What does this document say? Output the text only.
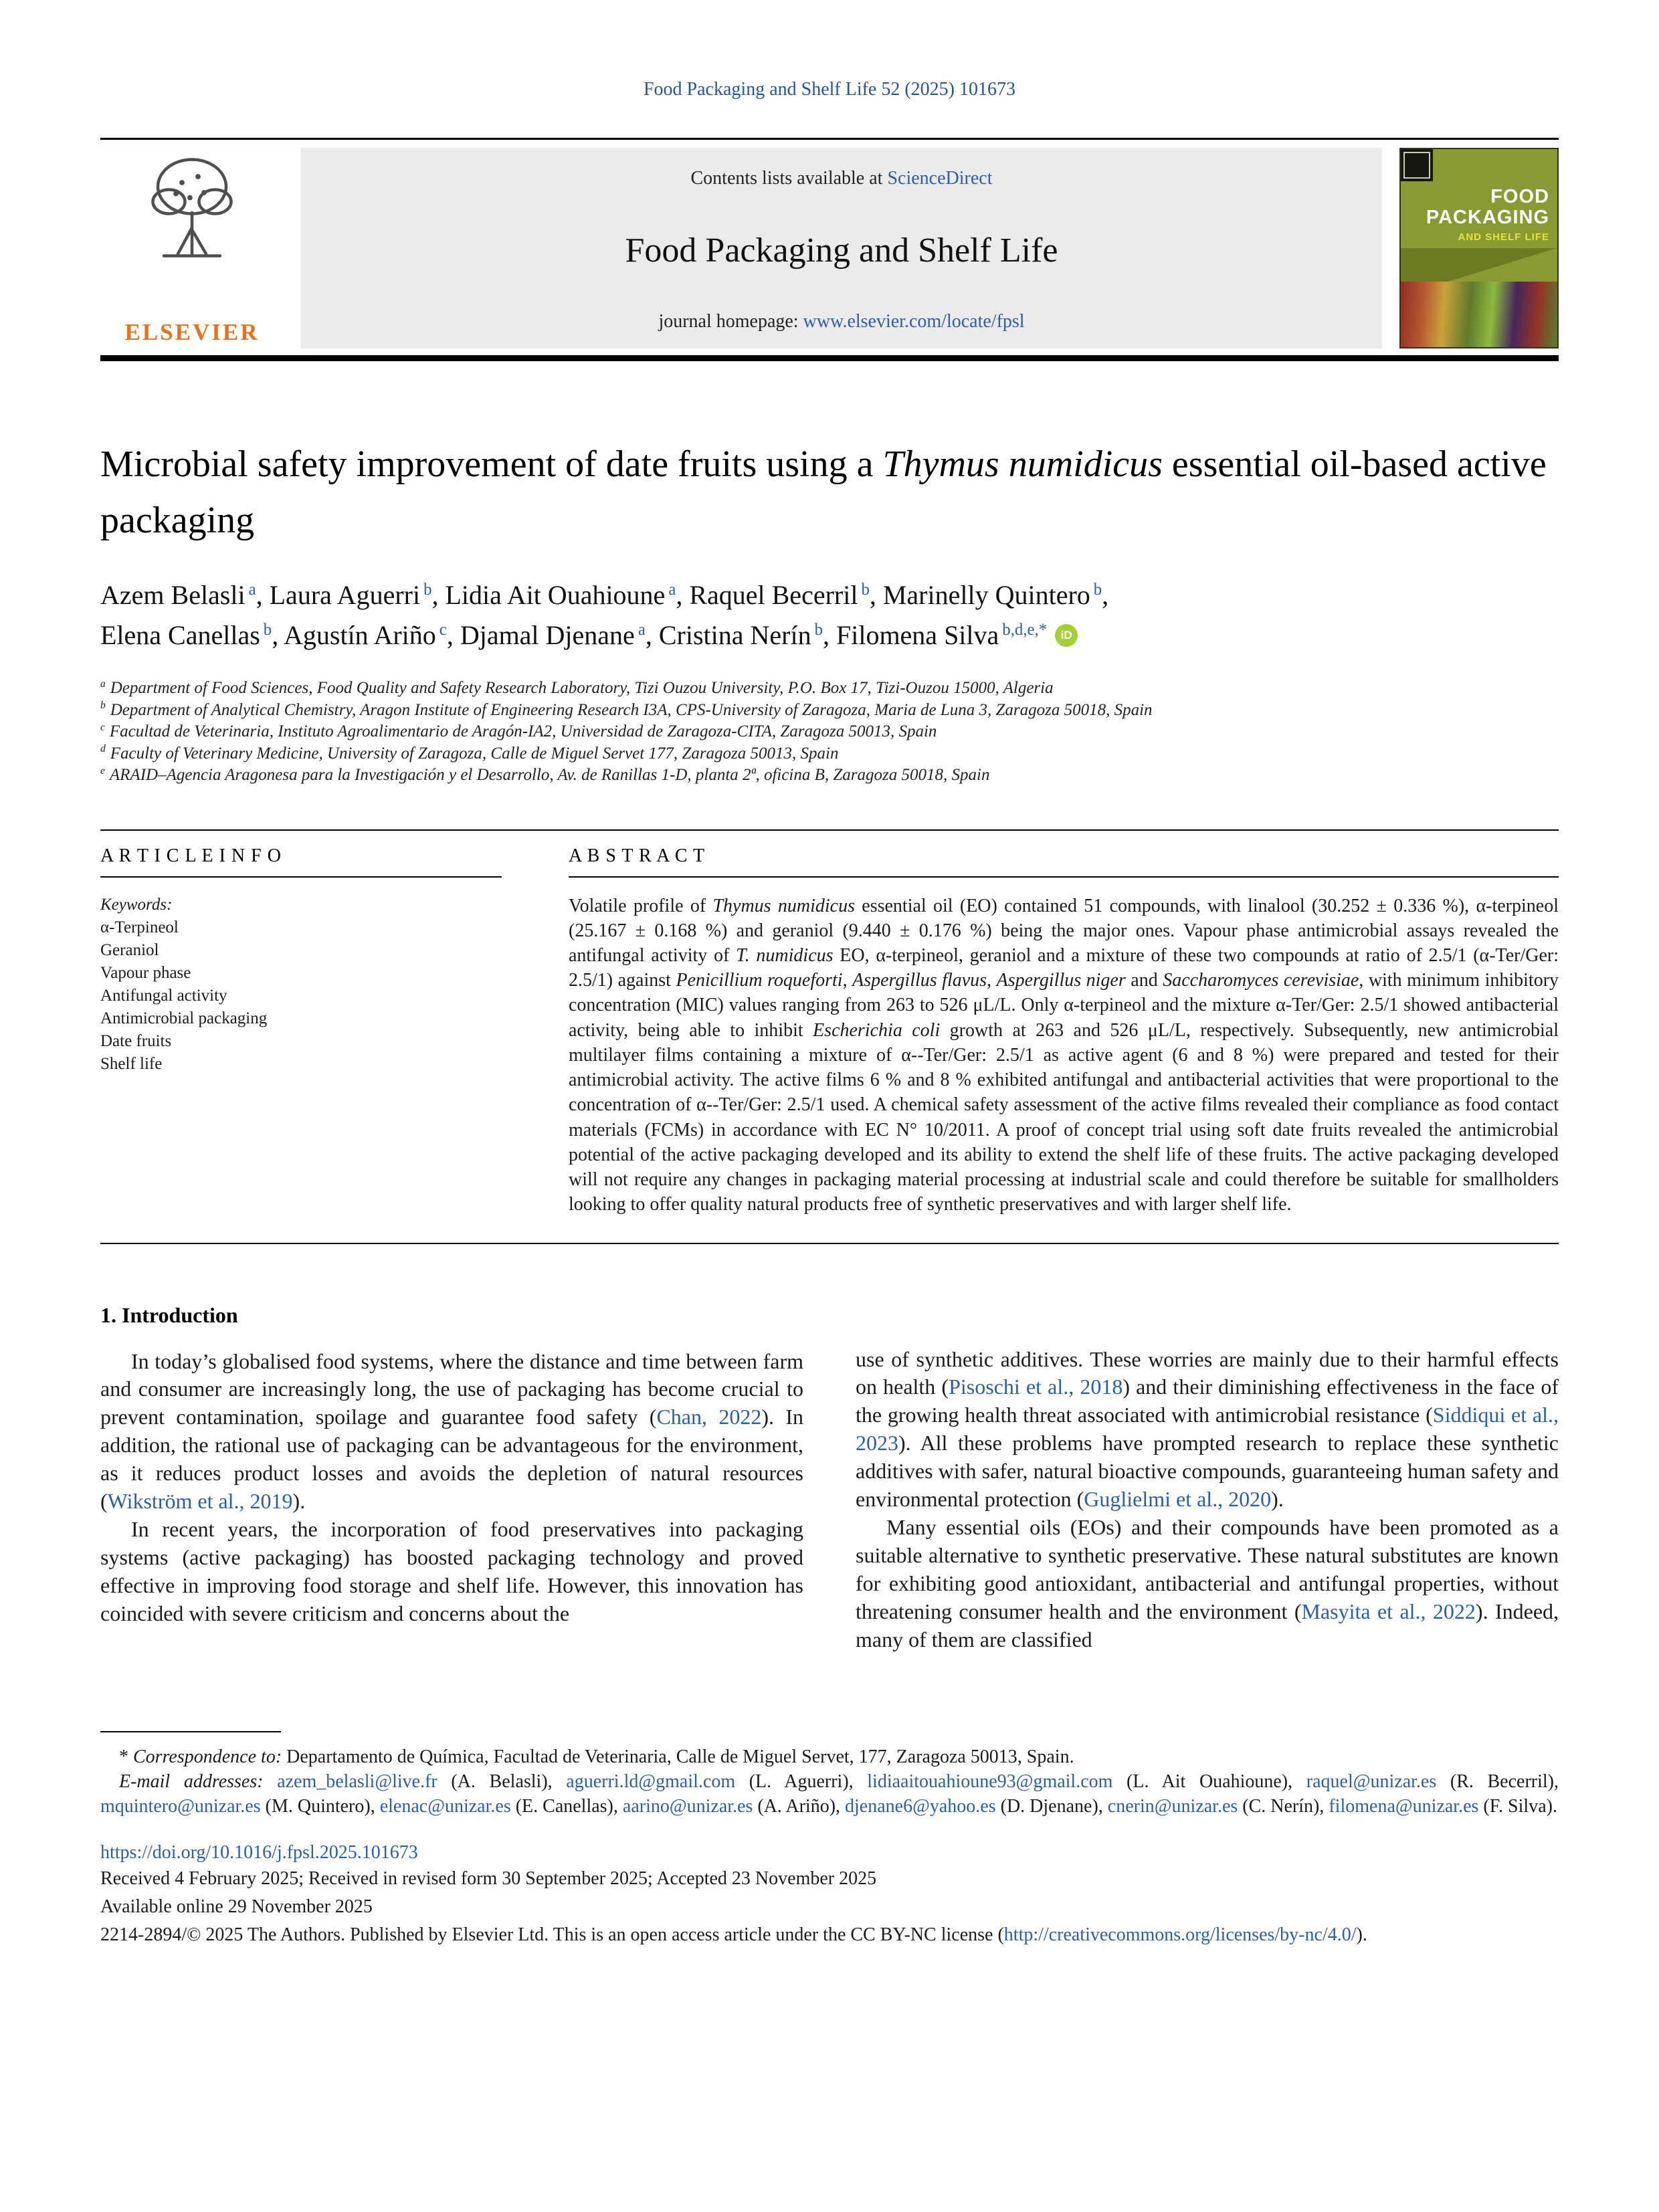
Food Packaging and Shelf Life 52 (2025) 101673
ELSEVIER
Contents lists available at ScienceDirect
Food Packaging and Shelf Life
journal homepage: www.elsevier.com/locate/fpsl
FOOD
PACKAGING
AND SHELF LIFE
Microbial safety improvement of date fruits using a Thymus numidicus essential oil-based active packaging
Azem Belasli $^a$, Laura Aguerri $^b$, Lidia Ait Ouahioune $^a$, Raquel Becerril $^b$, Marinelly Quintero $^b$,
Elena Canellas $^b$, Agustín Ariño $^c$, Djamal Djenane $^a$, Cristina Nerín $^b$, Filomena Silva $^{b,d,e,*}$ iD
$^a$ Department of Food Sciences, Food Quality and Safety Research Laboratory, Tizi Ouzou University, P.O. Box 17, Tizi-Ouzou 15000, Algeria
$^b$ Department of Analytical Chemistry, Aragon Institute of Engineering Research I3A, CPS-University of Zaragoza, Maria de Luna 3, Zaragoza 50018, Spain
$^c$ Facultad de Veterinaria, Instituto Agroalimentario de Aragón-IA2, Universidad de Zaragoza-CITA, Zaragoza 50013, Spain
$^d$ Faculty of Veterinary Medicine, University of Zaragoza, Calle de Miguel Servet 177, Zaragoza 50013, Spain
$^e$ ARAID–Agencia Aragonesa para la Investigación y el Desarrollo, Av. de Ranillas 1-D, planta 2ª, oficina B, Zaragoza 50018, Spain
A R T I C L E I N F O
Keywords:
α-Terpineol
Geraniol
Vapour phase
Antifungal activity
Antimicrobial packaging
Date fruits
Shelf life
A B S T R A C T
Volatile profile of Thymus numidicus essential oil (EO) contained 51 compounds, with linalool (30.252 ± 0.336 %), α-terpineol (25.167 ± 0.168 %) and geraniol (9.440 ± 0.176 %) being the major ones. Vapour phase antimicrobial assays revealed the antifungal activity of T. numidicus EO, α-terpineol, geraniol and a mixture of these two compounds at ratio of 2.5/1 (α-Ter/Ger: 2.5/1) against Penicillium roqueforti, Aspergillus flavus, Aspergillus niger and Saccharomyces cerevisiae, with minimum inhibitory concentration (MIC) values ranging from 263 to 526 μL/L. Only α-terpineol and the mixture α-Ter/Ger: 2.5/1 showed antibacterial activity, being able to inhibit Escherichia coli growth at 263 and 526 μL/L, respectively. Subsequently, new antimicrobial multilayer films containing a mixture of α--Ter/Ger: 2.5/1 as active agent (6 and 8 %) were prepared and tested for their antimicrobial activity. The active films 6 % and 8 % exhibited antifungal and antibacterial activities that were proportional to the concentration of α--Ter/Ger: 2.5/1 used. A chemical safety assessment of the active films revealed their compliance as food contact materials (FCMs) in accordance with EC N° 10/2011. A proof of concept trial using soft date fruits revealed the antimicrobial potential of the active packaging developed and its ability to extend the shelf life of these fruits. The active packaging developed will not require any changes in packaging material processing at industrial scale and could therefore be suitable for smallholders looking to offer quality natural products free of synthetic preservatives and with larger shelf life.
1. Introduction

In today’s globalised food systems, where the distance and time between farm and consumer are increasingly long, the use of packaging has become crucial to prevent contamination, spoilage and guarantee food safety (Chan, 2022). In addition, the rational use of packaging can be advantageous for the environment, as it reduces product losses and avoids the depletion of natural resources (Wikström et al., 2019).

In recent years, the incorporation of food preservatives into packaging systems (active packaging) has boosted packaging technology and proved effective in improving food storage and shelf life. However, this innovation has coincided with severe criticism and concerns about the

use of synthetic additives. These worries are mainly due to their harmful effects on health (Pisoschi et al., 2018) and their diminishing effectiveness in the face of the growing health threat associated with antimicrobial resistance (Siddiqui et al., 2023). All these problems have prompted research to replace these synthetic additives with safer, natural bioactive compounds, guaranteeing human safety and environmental protection (Guglielmi et al., 2020).

Many essential oils (EOs) and their compounds have been promoted as a suitable alternative to synthetic preservative. These natural substitutes are known for exhibiting good antioxidant, antibacterial and antifungal properties, without threatening consumer health and the environment (Masyita et al., 2022). Indeed, many of them are classified

* Correspondence to: Departamento de Química, Facultad de Veterinaria, Calle de Miguel Servet, 177, Zaragoza 50013, Spain.

E-mail addresses: azem_belasli@live.fr (A. Belasli), aguerri.ld@gmail.com (L. Aguerri), lidiaaitouahioune93@gmail.com (L. Ait Ouahioune), raquel@unizar.es (R. Becerril), mquintero@unizar.es (M. Quintero), elenac@unizar.es (E. Canellas), aarino@unizar.es (A. Ariño), djenane6@yahoo.es (D. Djenane), cnerin@unizar.es (C. Nerín), filomena@unizar.es (F. Silva).

https://doi.org/10.1016/j.fpsl.2025.101673
Received 4 February 2025; Received in revised form 30 September 2025; Accepted 23 November 2025
Available online 29 November 2025

2214-2894/© 2025 The Authors. Published by Elsevier Ltd. This is an open access article under the CC BY-NC license (http://creativecommons.org/licenses/by-nc/4.0/).
